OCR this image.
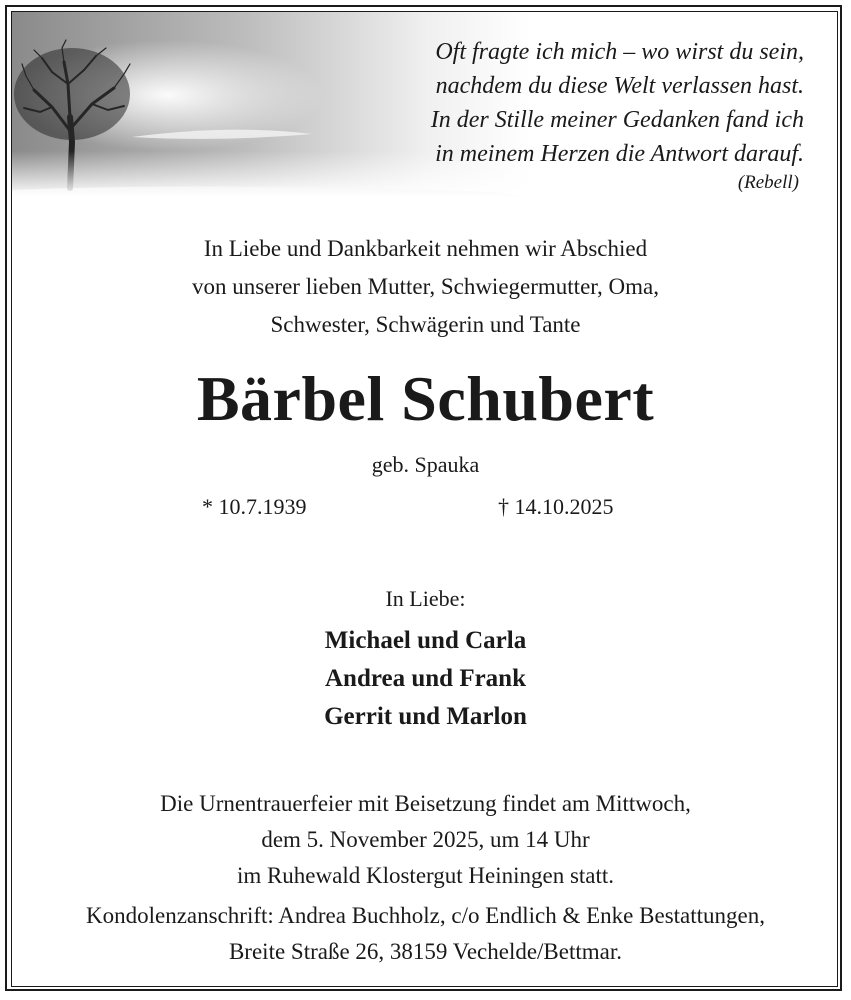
Oft fragte ich mich – wo wirst du sein,
nachdem du diese Welt verlassen hast.
In der Stille meiner Gedanken fand ich
in meinem Herzen die Antwort darauf.
(Rebell)
In Liebe und Dankbarkeit nehmen wir Abschied
von unserer lieben Mutter, Schwiegermutter, Oma,
Schwester, Schwägerin und Tante
Bärbel Schubert
geb. Spauka
* 10.7.1939	† 14.10.2025
In Liebe:
Michael und Carla
Andrea und Frank
Gerrit und Marlon
Die Urnentrauerfeier mit Beisetzung findet am Mittwoch,
dem 5. November 2025, um 14 Uhr
im Ruhewald Klostergut Heiningen statt.
Kondolenzanschrift: Andrea Buchholz, c/o Endlich & Enke Bestattungen,
Breite Straße 26, 38159 Vechelde/Bettmar.
